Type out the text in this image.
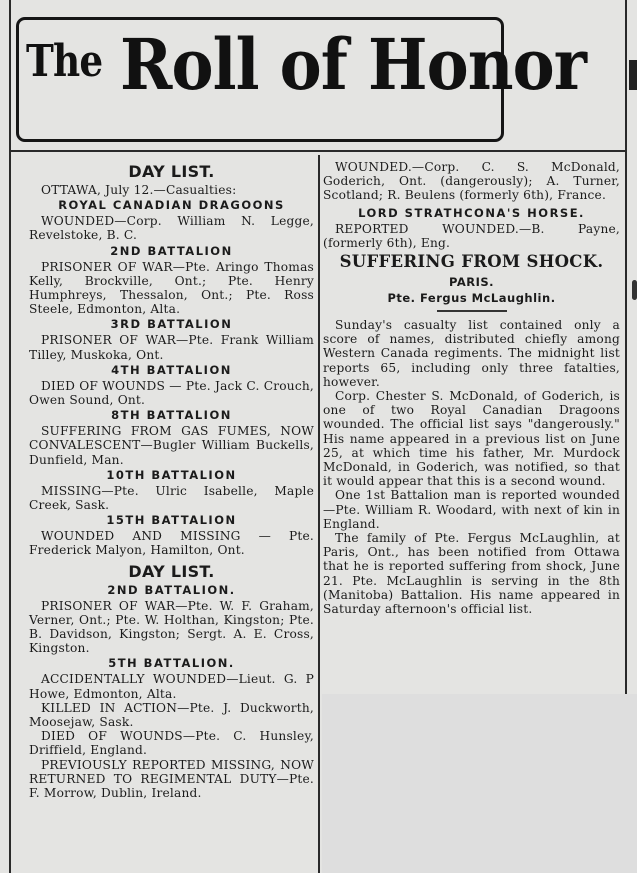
The Roll of Honor
DAY LIST.

OTTAWA, July 12.—Casualties:

ROYAL CANADIAN DRAGOONS

WOUNDED—Corp. William N. Legge, Revelstoke, B. C.

2ND BATTALION

PRISONER OF WAR—Pte. Aringo Thomas Kelly, Brockville, Ont.; Pte. Henry Humphreys, Thessalon, Ont.; Pte. Ross Steele, Edmonton, Alta.

3RD BATTALION

PRISONER OF WAR—Pte. Frank William Tilley, Muskoka, Ont.

4TH BATTALION

DIED OF WOUNDS — Pte. Jack C. Crouch, Owen Sound, Ont.

8TH BATTALION

SUFFERING FROM GAS FUMES, NOW CONVALESCENT—Bugler William Buckells, Dunfield, Man.

10TH BATTALION

MISSING—Pte. Ulric Isabelle, Maple Creek, Sask.

15TH BATTALION

WOUNDED AND MISSING — Pte. Frederick Malyon, Hamilton, Ont.

DAY LIST.
2ND BATTALION.

PRISONER OF WAR—Pte. W. F. Graham, Verner, Ont.; Pte. W. Holthan, Kingston; Pte. B. Davidson, Kingston; Sergt. A. E. Cross, Kingston.

5TH BATTALION.

ACCIDENTALLY WOUNDED—Lieut. G. P Howe, Edmonton, Alta.

KILLED IN ACTION—Pte. J. Duckworth, Moosejaw, Sask.

DIED OF WOUNDS—Pte. C. Hunsley, Driffield, England.

PREVIOUSLY REPORTED MISSING, NOW RETURNED TO REGIMENTAL DUTY—Pte. F. Morrow, Dublin, Ireland.

WOUNDED.—Corp. C. S. McDonald, Goderich, Ont. (dangerously); A. Turner, Scotland; R. Beulens (formerly 6th), France.

LORD STRATHCONA'S HORSE.

REPORTED WOUNDED.—B. Payne, (formerly 6th), Eng.

SUFFERING FROM SHOCK.
PARIS.
Pte. Fergus McLaughlin.

Sunday's casualty list contained only a score of names, distributed chiefly among Western Canada regiments. The midnight list reports 65, including only three fatalties, however.

Corp. Chester S. McDonald, of Goderich, is one of two Royal Canadian Dragoons wounded. The official list says "dangerously." His name appeared in a previous list on June 25, at which time his father, Mr. Murdock McDonald, in Goderich, was notified, so that it would appear that this is a second wound.

One 1st Battalion man is reported wounded—Pte. William R. Woodard, with next of kin in England.

The family of Pte. Fergus McLaughlin, at Paris, Ont., has been notified from Ottawa that he is reported suffering from shock, June 21. Pte. McLaughlin is serving in the 8th (Manitoba) Battalion. His name appeared in Saturday afternoon's official list.
